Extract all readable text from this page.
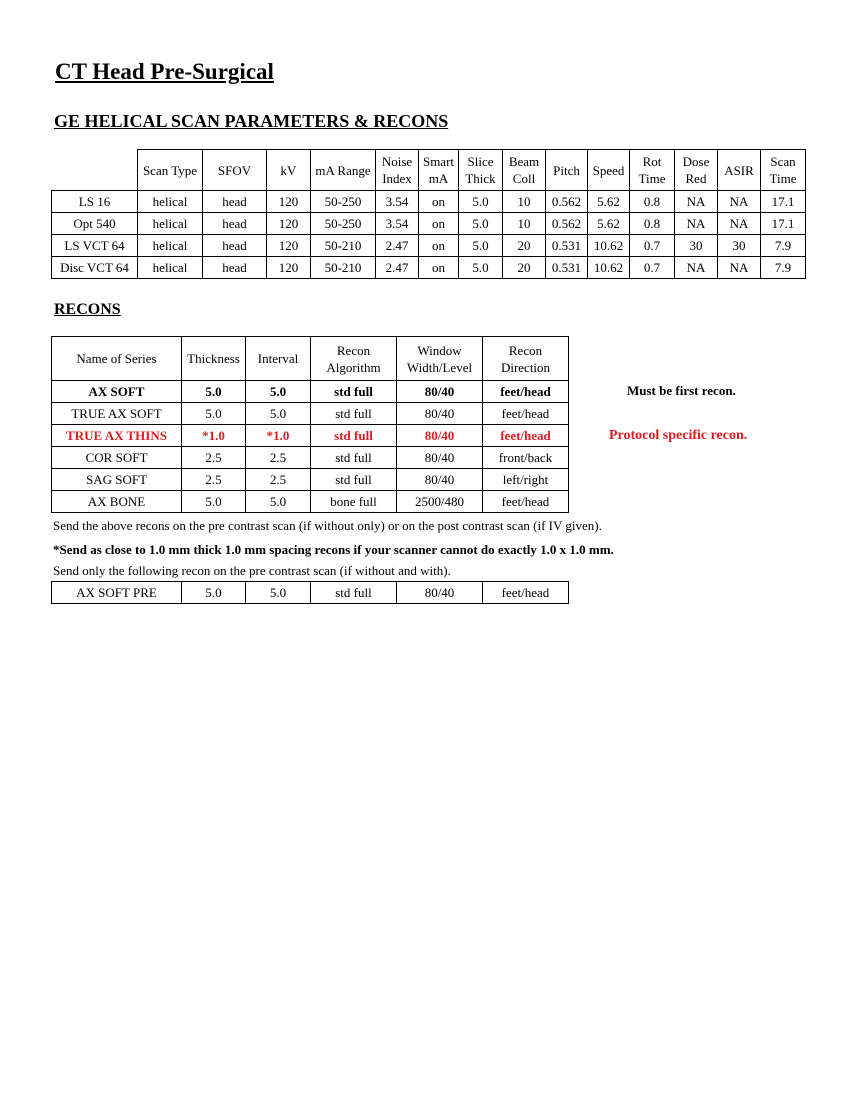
CT Head Pre-Surgical
GE HELICAL SCAN PARAMETERS & RECONS
	Scan Type	SFOV	kV	mA Range	Noise Index	Smart mA	Slice Thick	Beam Coll	Pitch	Speed	Rot Time	Dose Red	ASIR	Scan Time
LS 16	helical	head	120	50-250	3.54	on	5.0	10	0.562	5.62	0.8	NA	NA	17.1
Opt 540	helical	head	120	50-250	3.54	on	5.0	10	0.562	5.62	0.8	NA	NA	17.1
LS VCT 64	helical	head	120	50-210	2.47	on	5.0	20	0.531	10.62	0.7	30	30	7.9
Disc VCT 64	helical	head	120	50-210	2.47	on	5.0	20	0.531	10.62	0.7	NA	NA	7.9
RECONS
Name of Series	Thickness	Interval	Recon Algorithm	Window Width/Level	Recon Direction
AX SOFT	5.0	5.0	std full	80/40	feet/head
TRUE AX SOFT	5.0	5.0	std full	80/40	feet/head
TRUE AX THINS	*1.0	*1.0	std full	80/40	feet/head
COR SOFT	2.5	2.5	std full	80/40	front/back
SAG SOFT	2.5	2.5	std full	80/40	left/right
AX BONE	5.0	5.0	bone full	2500/480	feet/head
Must be first recon.
Protocol specific recon.

Send the above recons on the pre contrast scan (if without only) or on the post contrast scan (if IV given).

*Send as close to 1.0 mm thick 1.0 mm spacing recons if your scanner cannot do exactly 1.0 x 1.0 mm.

Send only the following recon on the pre contrast scan (if without and with).

AX SOFT PRE	5.0	5.0	std full	80/40	feet/head
